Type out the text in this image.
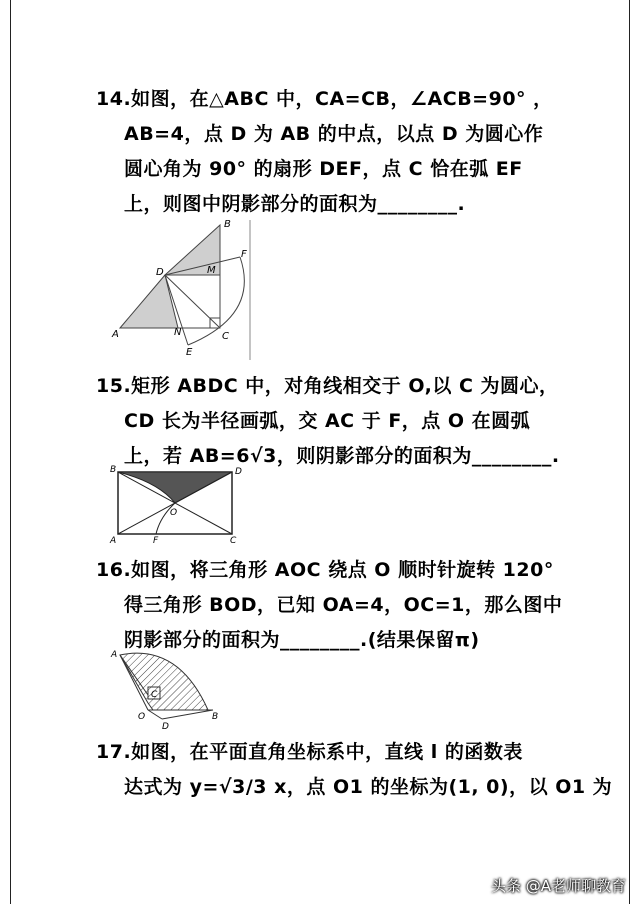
14.如图，在△ABC 中，CA=CB，∠ACB=90° ，
AB=4，点 D 为 AB 的中点，以点 D 为圆心作
圆心角为 90° 的扇形 DEF，点 C 恰在弧 EF
上，则图中阴影部分的面积为________.
B
D	M
F
A	N	C
E
15.矩形 ABDC 中，对角线相交于 O,以 C 为圆心，
CD 长为半径画弧，交 AC 于 F，点 O 在圆弧
上，若 AB=6√3，则阴影部分的面积为________.
B	D
O
A	F	C
16.如图，将三角形 AOC 绕点 O 顺时针旋转 120°
得三角形 BOD，已知 OA=4，OC=1，那么图中
阴影部分的面积为________.(结果保留π)
A
C
O
D
B
17.如图，在平面直角坐标系中，直线 l 的函数表
达式为 y=√3/3 x，点 O1 的坐标为(1, 0)，以 O1 为
头条 @A老师聊教育
